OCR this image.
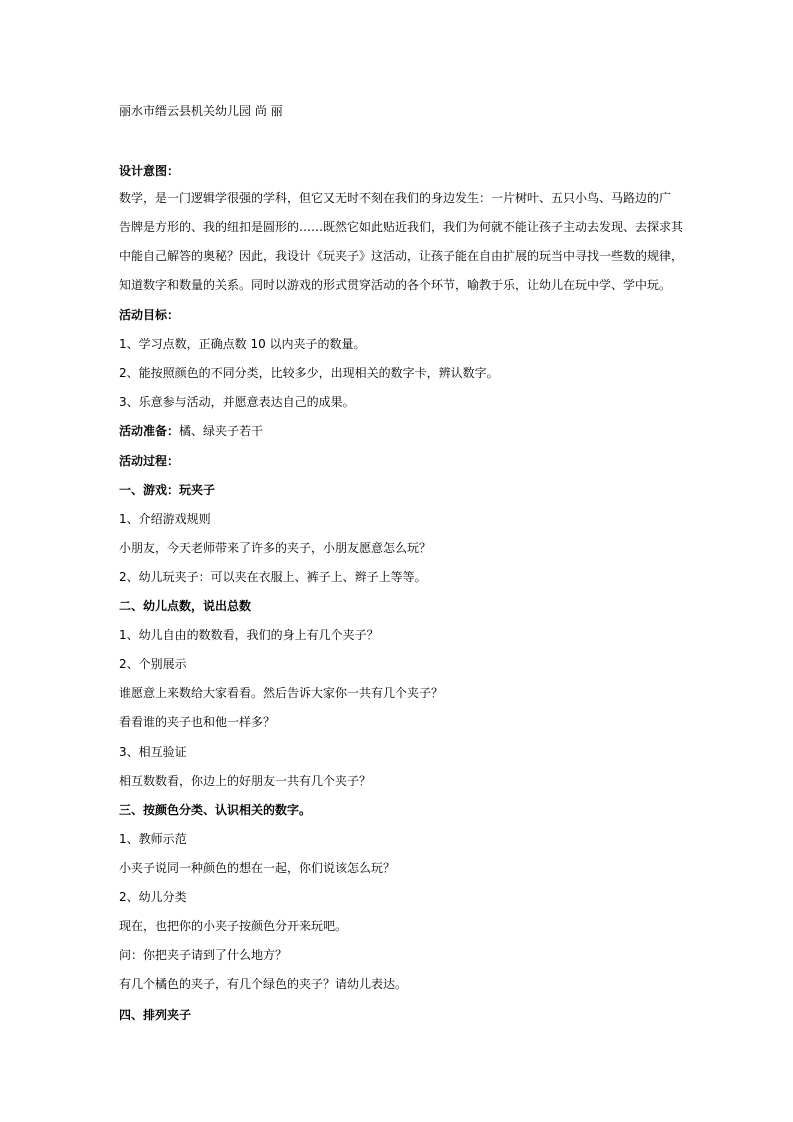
丽水市缙云县机关幼儿园 尚 丽
设计意图：
数学，是一门逻辑学很强的学科，但它又无时不刻在我们的身边发生：一片树叶、五只小鸟、马路边的广
告牌是方形的、我的纽扣是圆形的……既然它如此贴近我们，我们为何就不能让孩子主动去发现、去探求其
中能自己解答的奥秘？因此，我设计《玩夹子》这活动，让孩子能在自由扩展的玩当中寻找一些数的规律，
知道数字和数量的关系。同时以游戏的形式贯穿活动的各个环节，喻教于乐，让幼儿在玩中学、学中玩。
活动目标：
1、学习点数，正确点数 10 以内夹子的数量。
2、能按照颜色的不同分类，比较多少，出现相关的数字卡，辨认数字。
3、乐意参与活动，并愿意表达自己的成果。
活动准备：橘、绿夹子若干
活动过程：
一、游戏：玩夹子
1、介绍游戏规则
小朋友，今天老师带来了许多的夹子，小朋友愿意怎么玩？
2、幼儿玩夹子：可以夹在衣服上、裤子上、辫子上等等。
二、幼儿点数，说出总数
1、幼儿自由的数数看，我们的身上有几个夹子？
2、个别展示
谁愿意上来数给大家看看。然后告诉大家你一共有几个夹子？
看看谁的夹子也和他一样多？
3、相互验证
相互数数看，你边上的好朋友一共有几个夹子？
三、按颜色分类、认识相关的数字。
1、教师示范
小夹子说同一种颜色的想在一起，你们说该怎么玩？
2、幼儿分类
现在，也把你的小夹子按颜色分开来玩吧。
问：你把夹子请到了什么地方？
有几个橘色的夹子，有几个绿色的夹子？请幼儿表达。
四、排列夹子
